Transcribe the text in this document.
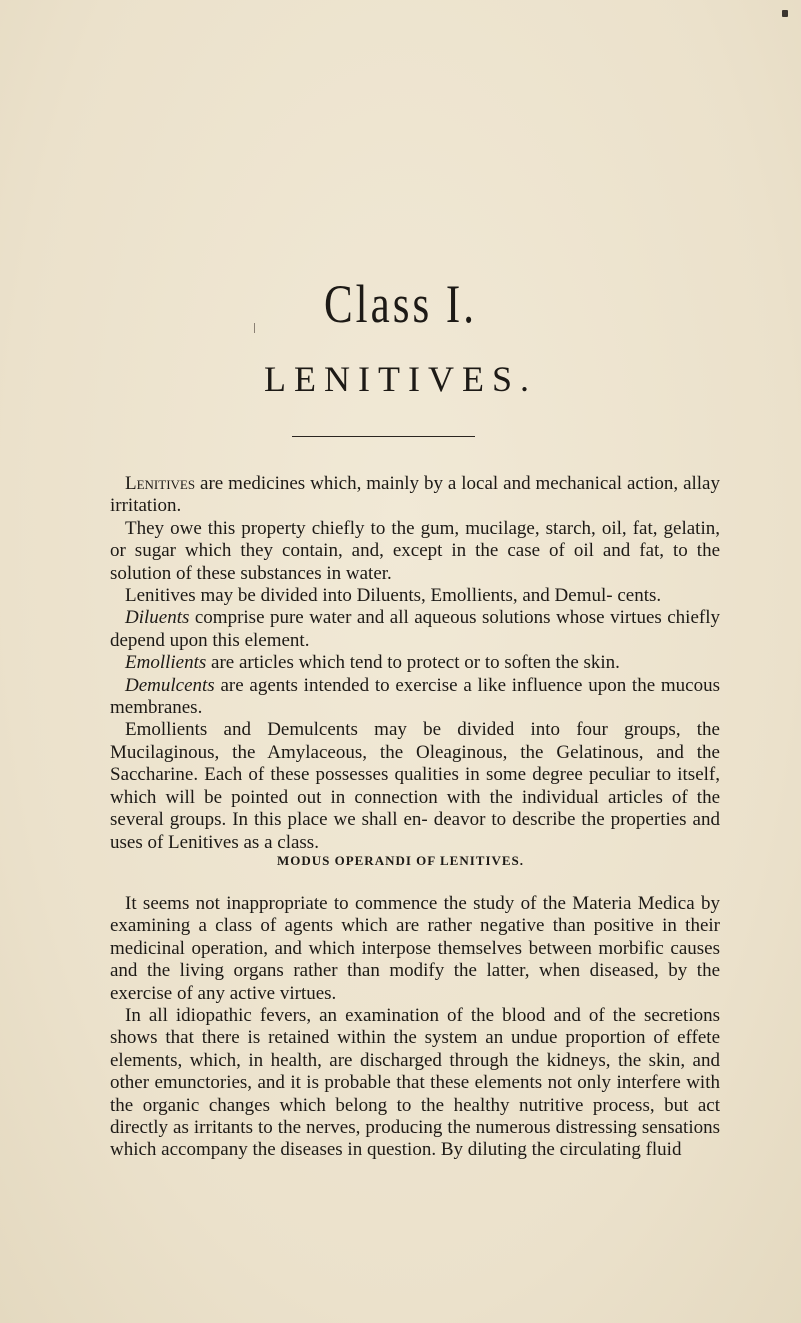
Class I.
LENITIVES.

Lenitives are medicines which, mainly by a local and mechanical action, allay irritation.

They owe this property chiefly to the gum, mucilage, starch, oil, fat, gelatin, or sugar which they contain, and, except in the case of oil and fat, to the solution of these substances in water.

Lenitives may be divided into Diluents, Emollients, and Demul- cents.

Diluents comprise pure water and all aqueous solutions whose virtues chiefly depend upon this element.

Emollients are articles which tend to protect or to soften the skin.

Demulcents are agents intended to exercise a like influence upon the mucous membranes.

Emollients and Demulcents may be divided into four groups, the Mucilaginous, the Amylaceous, the Oleaginous, the Gelatinous, and the Saccharine. Each of these possesses qualities in some degree peculiar to itself, which will be pointed out in connection with the individual articles of the several groups. In this place we shall en- deavor to describe the properties and uses of Lenitives as a class.

MODUS OPERANDI OF LENITIVES.

It seems not inappropriate to commence the study of the Materia Medica by examining a class of agents which are rather negative than positive in their medicinal operation, and which interpose themselves between morbific causes and the living organs rather than modify the latter, when diseased, by the exercise of any active virtues.

In all idiopathic fevers, an examination of the blood and of the secretions shows that there is retained within the system an undue proportion of effete elements, which, in health, are discharged through the kidneys, the skin, and other emunctories, and it is probable that these elements not only interfere with the organic changes which belong to the healthy nutritive process, but act directly as irritants to the nerves, producing the numerous distressing sensations which accompany the diseases in question. By diluting the circulating fluid
